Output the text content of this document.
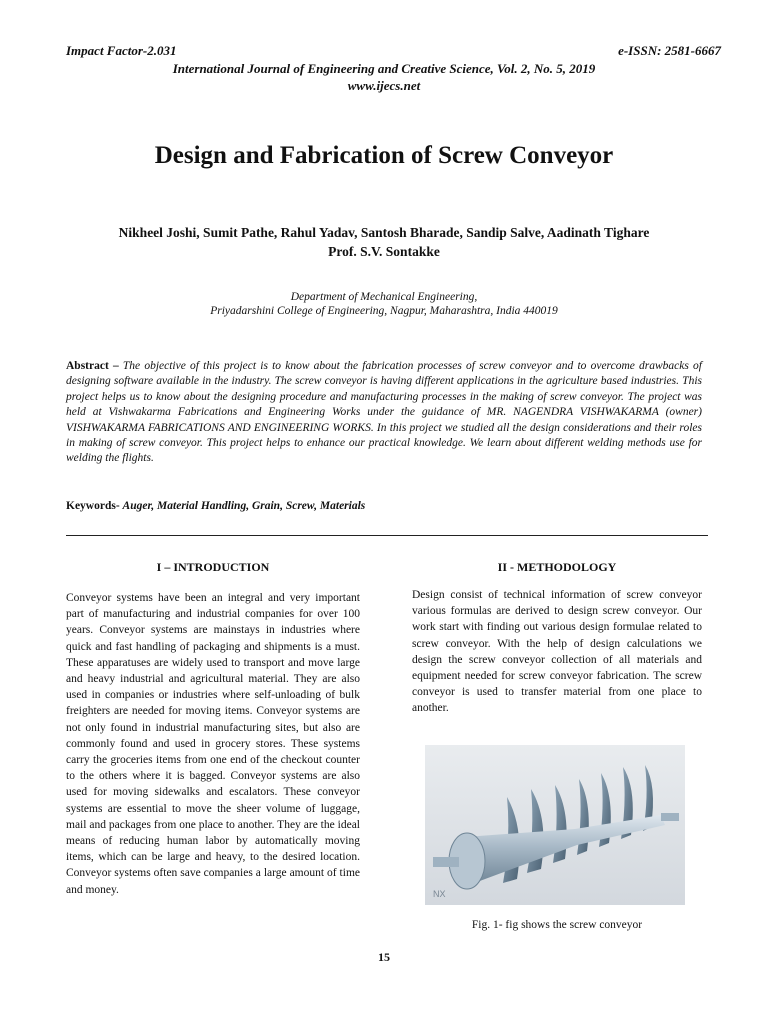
Impact Factor-2.031	e-ISSN: 2581-6667
International Journal of Engineering and Creative Science, Vol. 2, No. 5, 2019
www.ijecs.net
Design and Fabrication of Screw Conveyor
Nikheel Joshi, Sumit Pathe, Rahul Yadav, Santosh Bharade, Sandip Salve, Aadinath Tighare
Prof. S.V. Sontakke
Department of Mechanical Engineering,
Priyadarshini College of Engineering, Nagpur, Maharashtra, India 440019
Abstract – The objective of this project is to know about the fabrication processes of screw conveyor and to overcome drawbacks of designing software available in the industry. The screw conveyor is having different applications in the agriculture based industries. This project helps us to know about the designing procedure and manufacturing processes in the making of screw conveyor. The project was held at Vishwakarma Fabrications and Engineering Works under the guidance of MR. NAGENDRA VISHWAKARMA (owner) VISHWAKARMA FABRICATIONS AND ENGINEERING WORKS. In this project we studied all the design considerations and their roles in making of screw conveyor. This project helps to enhance our practical knowledge. We learn about different welding methods use for welding the flights.
Keywords- Auger, Material Handling, Grain, Screw, Materials
I – INTRODUCTION
Conveyor systems have been an integral and very important part of manufacturing and industrial companies for over 100 years. Conveyor systems are mainstays in industries where quick and fast handling of packaging and shipments is a must. These apparatuses are widely used to transport and move large and heavy industrial and agricultural material. They are also used in companies or industries where self-unloading of bulk freighters are needed for moving items. Conveyor systems are not only found in industrial manufacturing sites, but also are commonly found and used in grocery stores. These systems carry the groceries items from one end of the checkout counter to the others where it is bagged. Conveyor systems are also used for moving sidewalks and escalators. These conveyor systems are essential to move the sheer volume of luggage, mail and packages from one place to another. They are the ideal means of reducing human labor by automatically moving items, which can be large and heavy, to the desired location. Conveyor systems often save companies a large amount of time and money.
II - METHODOLOGY
Design consist of technical information of screw conveyor various formulas are derived to design screw conveyor. Our work start with finding out various design formulae related to screw conveyor. With the help of design calculations we design the screw conveyor collection of all materials and equipment needed for screw conveyor fabrication. The screw conveyor is used to transfer material from one place to another.
NX
Fig. 1- fig shows the screw conveyor
15
